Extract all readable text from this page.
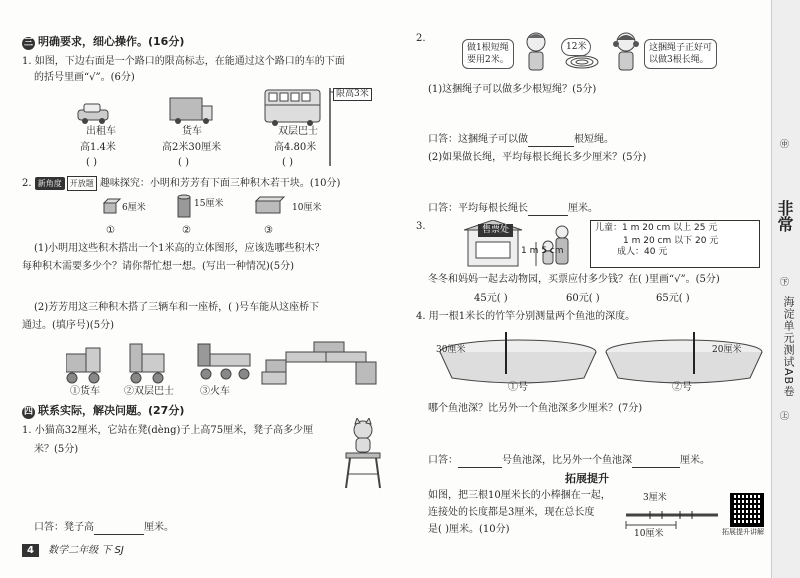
三 明确要求，细心操作。(16分)
1. 如图，下边右面是一个路口的限高标志，在能通过这个路口的车的下面
的括号里画“√”。(6分)
限高3米
出租车
高1.4米
( )
货车
高2米30厘米
( )
双层巴士
高4.80米
( )
2. 新角度 开放题 趣味探究：小明和芳芳有下面三种积木若干块。(10分)
6厘米	15厘米	10厘米
①	②	③
(1)小明用这些积木搭出一个1米高的立体图形，应该选哪些积木？
每种积木需要多少个？请你帮忙想一想。(写出一种情况)(5分)
(2)芳芳用这三种积木搭了三辆车和一座桥，( )号车能从这座桥下
通过。(填序号)(5分)
①货车 ②双层巴士	③火车
四 联系实际，解决问题。(27分)
1. 小猫高32厘米，它站在凳(dèng)子上高75厘米，凳子高多少厘
米？(5分)
口答：凳子高	厘米。
4 数学二年级 下 SJ
2.
做1根短绳
要用2米。
12米	这捆绳子正好可
以做3根长绳。
(1)这捆绳子可以做多少根短绳？(5分)
口答：这捆绳子可以做	根短绳。
(2)如果做长绳，平均每根长绳长多少厘米？(5分)
口答：平均每根长绳长	厘米。
3.	售票处
1 m 5 cm
儿童：1 m 20 cm 以上 25 元
1 m 20 cm 以下 20 元
成人：40 元
冬冬和妈妈一起去动物园，买票应付多少钱？在( )里画“√”。(5分)
45元( )	60元( )	65元( )
4. 用一根1米长的竹竿分别测量两个鱼池的深度。
30厘米	20厘米
①号	②号
哪个鱼池深？比另外一个鱼池深多少厘米？(7分)
口答：	号鱼池深，比另外一个鱼池深	厘米。
拓展提升
如图，把三根10厘米长的小棒捆在一起，
连接处的长度都是3厘米，现在总长度
是( )厘米。(10分)
3厘米
10厘米	拓展提升讲解
㊥
非常
㊦
海淀单元测试AB卷
㊤
